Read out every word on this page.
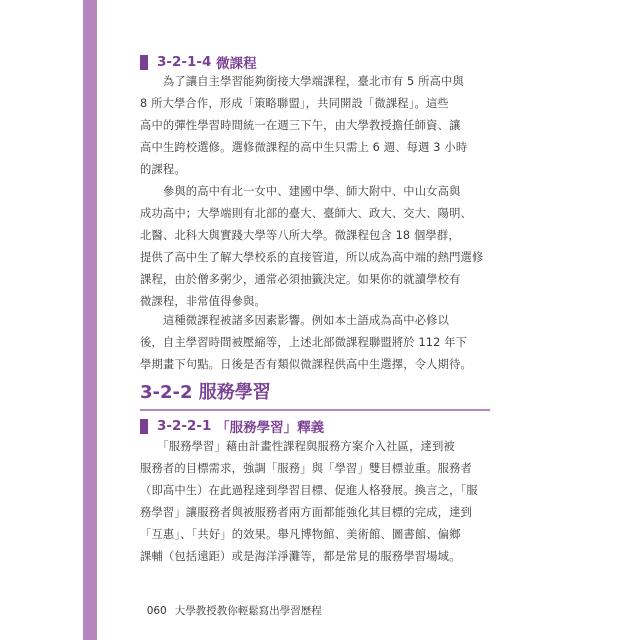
3-2-1-4
微課程

　　為了讓自主學習能夠銜接大學端課程，臺北市有 5 所高中與

8 所大學合作，形成「策略聯盟」，共同開設「微課程」。這些

高中的彈性學習時間統一在週三下午，由大學教授擔任師資、讓

高中生跨校選修。選修微課程的高中生只需上 6 週、每週 3 小時

的課程。

　　參與的高中有北一女中、建國中學、師大附中、中山女高與

成功高中；大學端則有北部的臺大、臺師大、政大、交大、陽明、

北醫、北科大與實踐大學等八所大學。微課程包含 18 個學群，

提供了高中生了解大學校系的直接管道，所以成為高中端的熱門選修

課程，由於僧多粥少，通常必須抽籤決定。如果你的就讀學校有

微課程，非常值得參與。

　　這種微課程被諸多因素影響。例如本土語成為高中必修以

後，自主學習時間被壓縮等，上述北部微課程聯盟將於 112 年下

學期畫下句點。日後是否有類似微課程供高中生選擇，令人期待。

3-2-2 服務學習
3-2-2-1
「服務學習」釋義

　　「服務學習」藉由計畫性課程與服務方案介入社區，達到被

服務者的目標需求，強調「服務」與「學習」雙目標並重。服務者

（即高中生）在此過程達到學習目標、促進人格發展。換言之，「服

務學習」讓服務者與被服務者兩方面都能強化其目標的完成，達到

「互惠」、「共好」的效果。舉凡博物館、美術館、圖書館、偏鄉

課輔（包括遠距）或是海洋淨灘等，都是常見的服務學習場域。

060 大學教授教你輕鬆寫出學習歷程
